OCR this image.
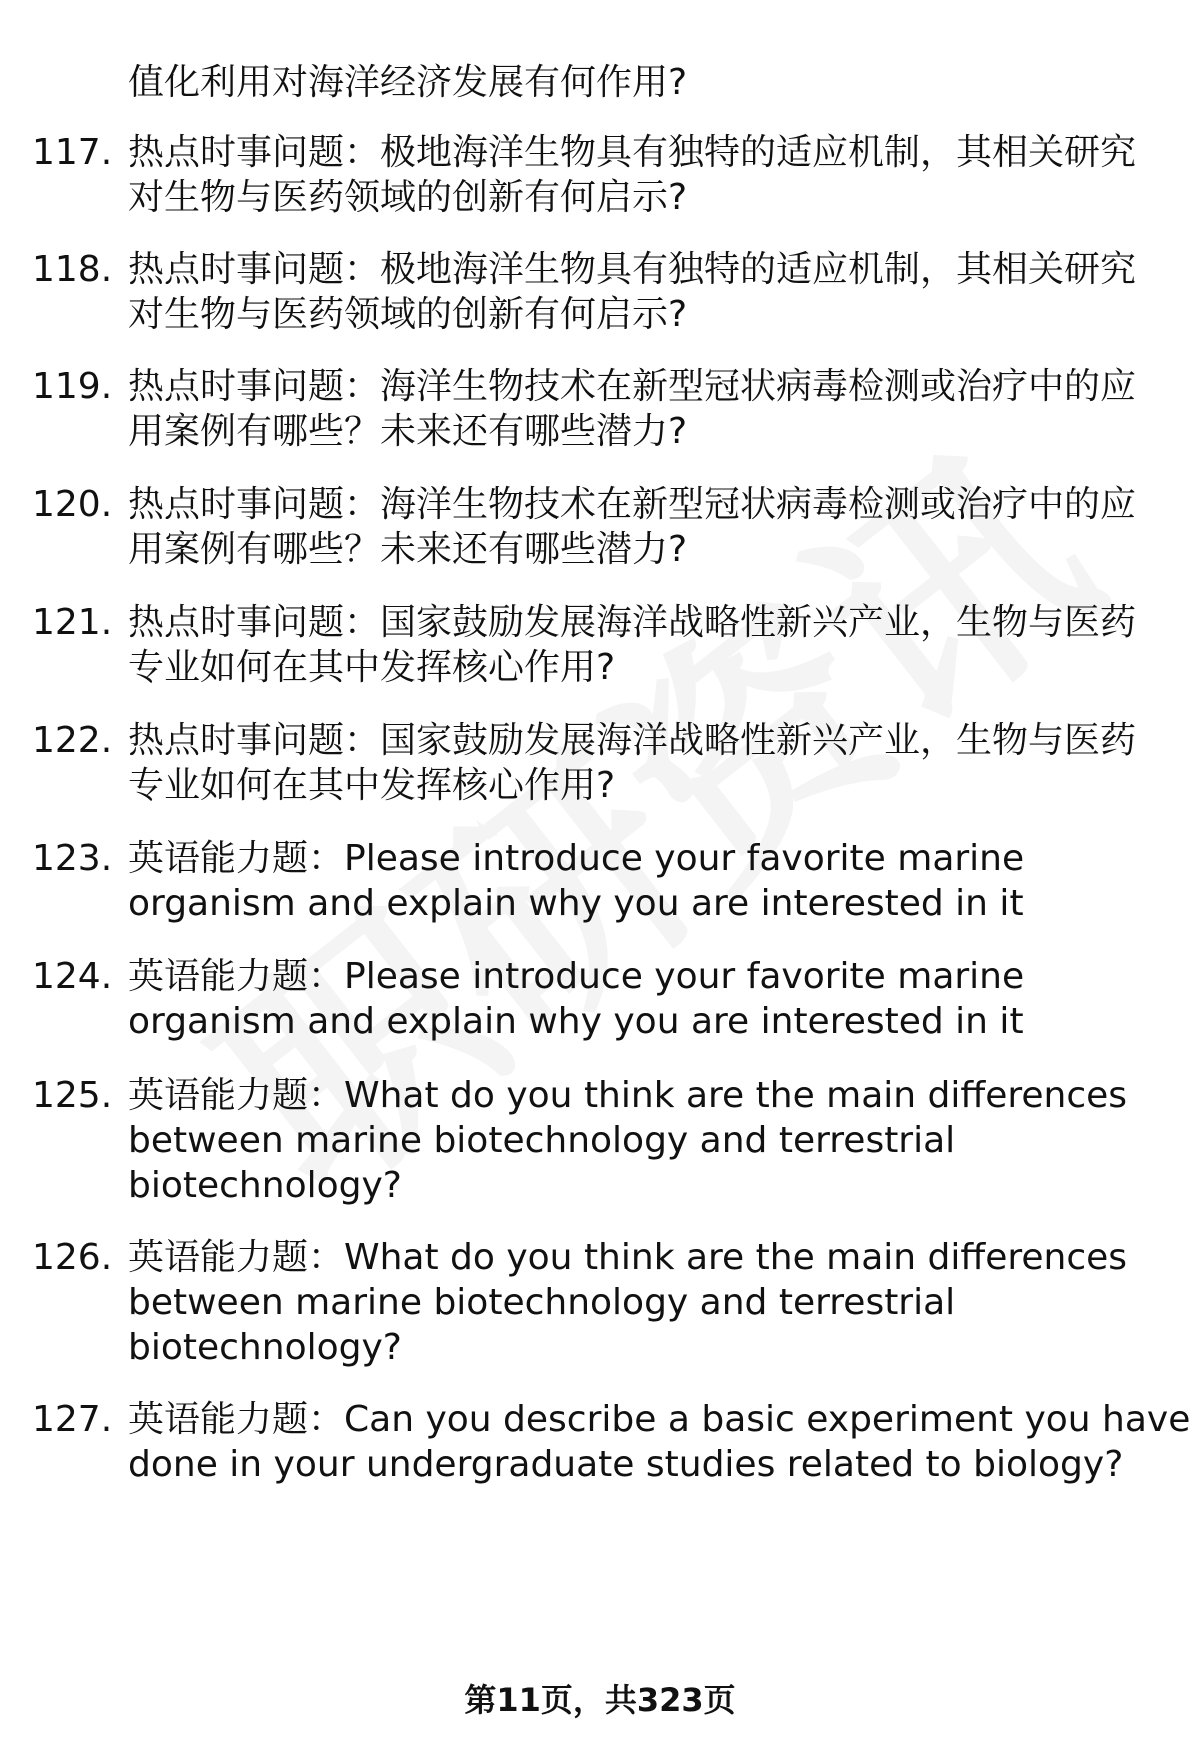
值化利用对海洋经济发展有何作用?
117. 热点时事问题：极地海洋生物具有独特的适应机制，其相关研究
对生物与医药领域的创新有何启示?
118. 热点时事问题：极地海洋生物具有独特的适应机制，其相关研究
对生物与医药领域的创新有何启示?
119. 热点时事问题：海洋生物技术在新型冠状病毒检测或治疗中的应
用案例有哪些？未来还有哪些潜力?
120. 热点时事问题：海洋生物技术在新型冠状病毒检测或治疗中的应
用案例有哪些？未来还有哪些潜力?
121. 热点时事问题：国家鼓励发展海洋战略性新兴产业，生物与医药
专业如何在其中发挥核心作用?
122. 热点时事问题：国家鼓励发展海洋战略性新兴产业，生物与医药
专业如何在其中发挥核心作用?
123. 英语能力题：Please introduce your favorite marine
organism and explain why you are interested in it
124. 英语能力题：Please introduce your favorite marine
organism and explain why you are interested in it
125. 英语能力题：What do you think are the main differences
between marine biotechnology and terrestrial
biotechnology?
126. 英语能力题：What do you think are the main differences
between marine biotechnology and terrestrial
biotechnology?
127. 英语能力题：Can you describe a basic experiment you have
done in your undergraduate studies related to biology?
第11页，共323页
